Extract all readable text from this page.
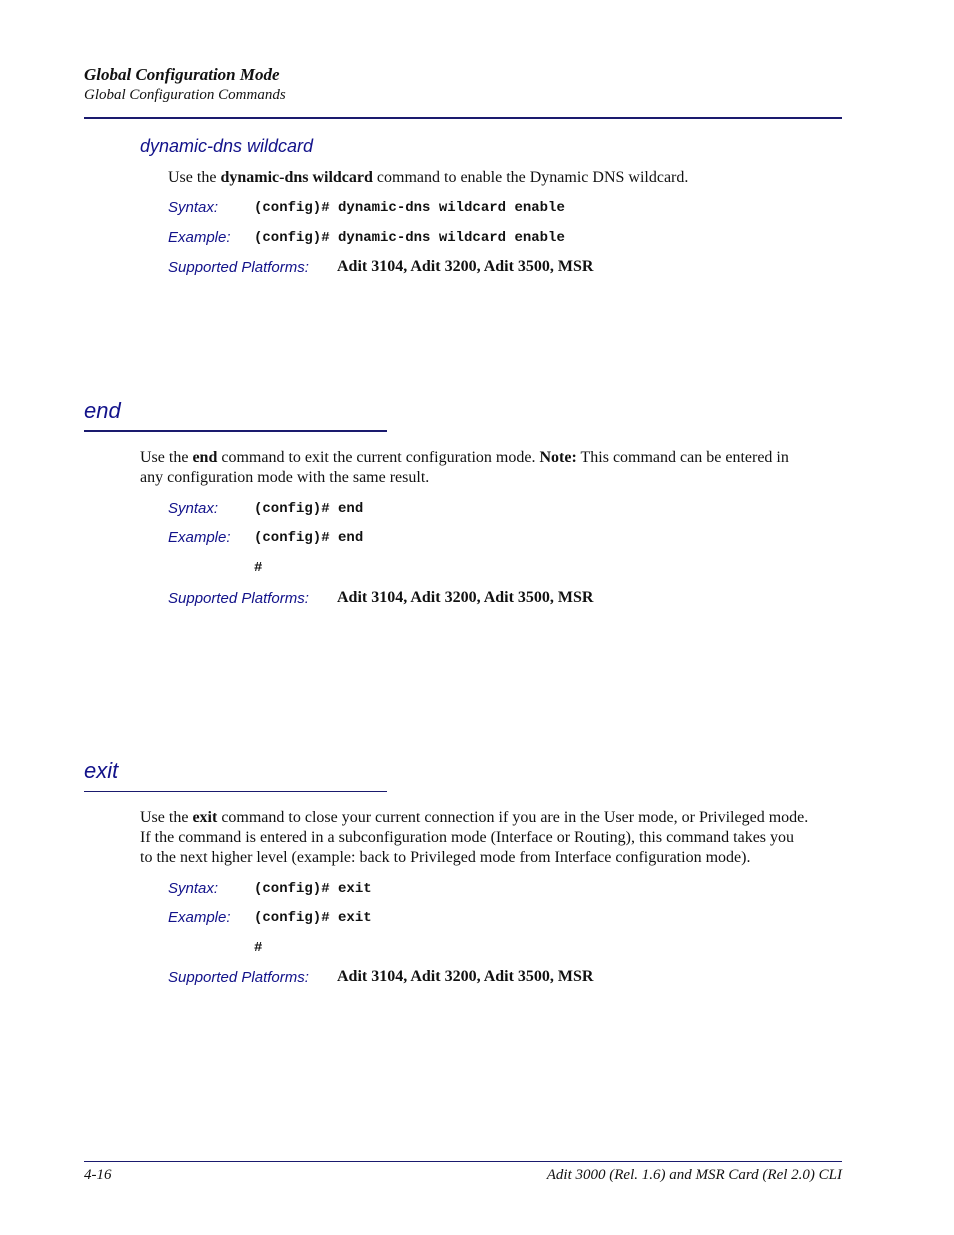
Global Configuration Mode
Global Configuration Commands
dynamic-dns wildcard
Use the dynamic-dns wildcard command to enable the Dynamic DNS wildcard.
Syntax:	(config)# dynamic-dns wildcard enable
Example: (config)# dynamic-dns wildcard enable
Supported Platforms: Adit 3104, Adit 3200, Adit 3500, MSR
end
Use the end command to exit the current configuration mode. Note: This command can be entered in
any configuration mode with the same result.
Syntax:	(config)# end
Example: (config)# end
#
Supported Platforms: Adit 3104, Adit 3200, Adit 3500, MSR
exit
Use the exit command to close your current connection if you are in the User mode, or Privileged mode.
If the command is entered in a subconfiguration mode (Interface or Routing), this command takes you
to the next higher level (example: back to Privileged mode from Interface configuration mode).
Syntax:	(config)# exit
Example: (config)# exit
#
Supported Platforms: Adit 3104, Adit 3200, Adit 3500, MSR
4-16	Adit 3000 (Rel. 1.6) and MSR Card (Rel 2.0) CLI
